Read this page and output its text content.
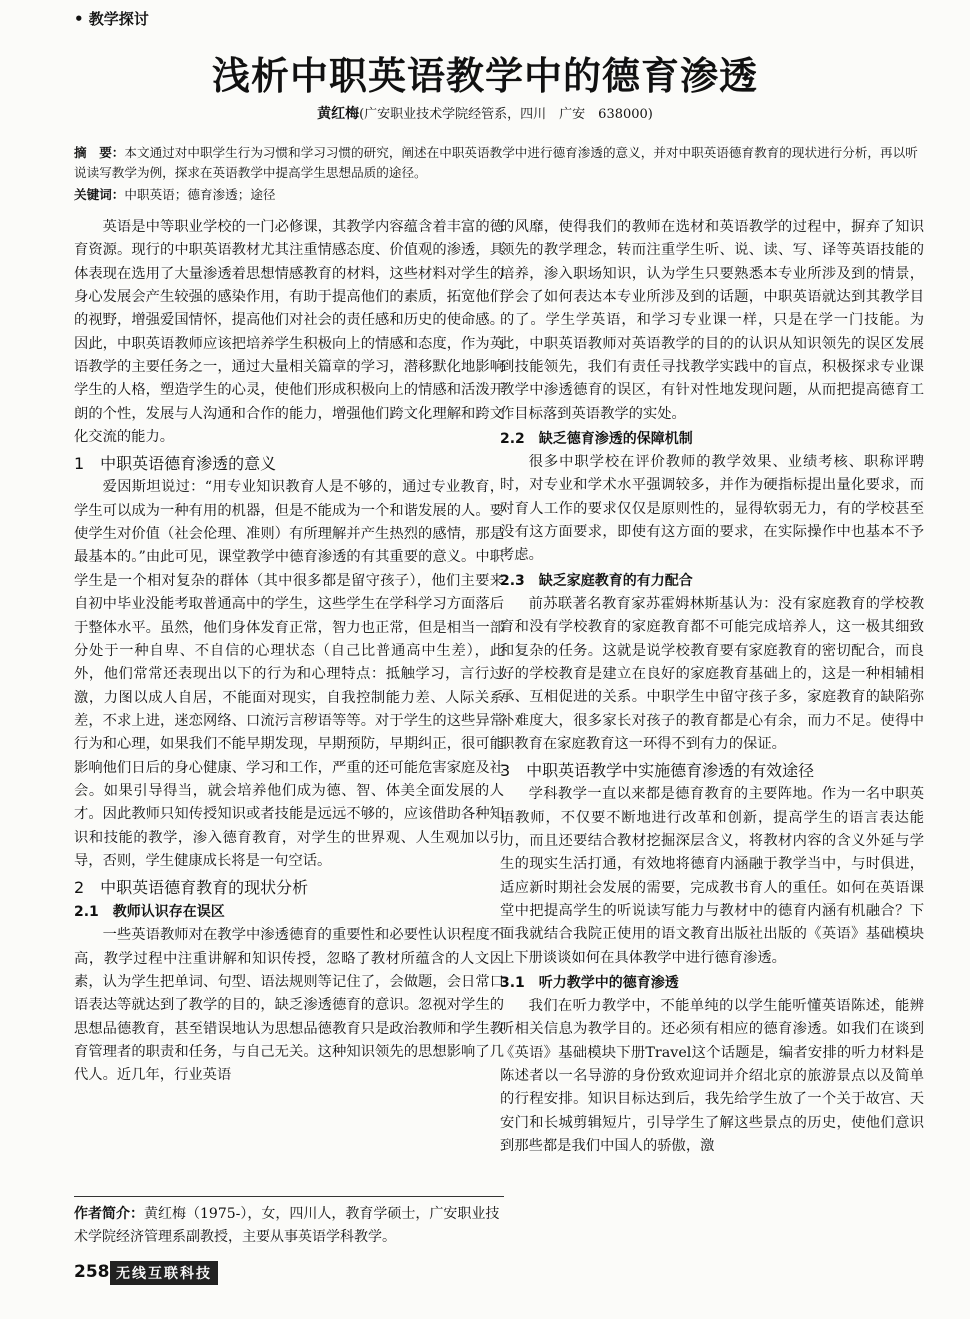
• 教学探讨
浅析中职英语教学中的德育渗透
黄红梅(广安职业技术学院经管系，四川　广安　638000)
摘　要：本文通过对中职学生行为习惯和学习习惯的研究，阐述在中职英语教学中进行德育渗透的意义，并对中职英语德育教育的现状进行分析，再以听说读写教学为例，探求在英语教学中提高学生思想品质的途径。
关键词：中职英语；德育渗透；途径

英语是中等职业学校的一门必修课，其教学内容蕴含着丰富的德育资源。现行的中职英语教材尤其注重情感态度、价值观的渗透，具体表现在选用了大量渗透着思想情感教育的材料，这些材料对学生的身心发展会产生较强的感染作用，有助于提高他们的素质，拓宽他们的视野，增强爱国情怀，提高他们对社会的责任感和历史的使命感。因此，中职英语教师应该把培养学生积极向上的情感和态度，作为英语教学的主要任务之一，通过大量相关篇章的学习，潜移默化地影响学生的人格，塑造学生的心灵，使他们形成积极向上的情感和活泼开朗的个性，发展与人沟通和合作的能力，增强他们跨文化理解和跨文化交流的能力。

1　中职英语德育渗透的意义

爱因斯坦说过：“用专业知识教育人是不够的，通过专业教育，学生可以成为一种有用的机器，但是不能成为一个和谐发展的人。要使学生对价值（社会伦理、准则）有所理解并产生热烈的感情，那是最基本的。”由此可见，课堂教学中德育渗透的有其重要的意义。中职学生是一个相对复杂的群体（其中很多都是留守孩子），他们主要来自初中毕业没能考取普通高中的学生，这些学生在学科学习方面落后于整体水平。虽然，他们身体发育正常，智力也正常，但是相当一部分处于一种自卑、不自信的心理状态（自己比普通高中生差），此外，他们常常还表现出以下的行为和心理特点：抵触学习，言行过激，力图以成人自居，不能面对现实，自我控制能力差、人际关系差，不求上进，迷恋网络、口流污言秽语等等。对于学生的这些异常行为和心理，如果我们不能早期发现，早期预防，早期纠正，很可能影响他们日后的身心健康、学习和工作，严重的还可能危害家庭及社会。如果引导得当，就会培养他们成为德、智、体美全面发展的人才。因此教师只知传授知识或者技能是远远不够的，应该借助各种知识和技能的教学，渗入德育教育，对学生的世界观、人生观加以引导，否则，学生健康成长将是一句空话。

2　中职英语德育教育的现状分析
2.1　教师认识存在误区

一些英语教师对在教学中渗透德育的重要性和必要性认识程度不高，教学过程中注重讲解和知识传授，忽略了教材所蕴含的人文因素，认为学生把单词、句型、语法规则等记住了，会做题，会日常口语表达等就达到了教学的目的，缺乏渗透德育的意识。忽视对学生的思想品德教育，甚至错误地认为思想品德教育只是政治教师和学生教育管理者的职责和任务，与自己无关。这种知识领先的思想影响了几代人。近几年，行业英语

的风靡，使得我们的教师在选材和英语教学的过程中，摒弃了知识领先的教学理念，转而注重学生听、说、读、写、译等英语技能的培养，渗入职场知识，认为学生只要熟悉本专业所涉及到的情景，学会了如何表达本专业所涉及到的话题，中职英语就达到其教学目的了。学生学英语，和学习专业课一样，只是在学一门技能。为此，中职英语教师对英语教学的目的的认识从知识领先的误区发展到技能领先，我们有责任寻找教学实践中的盲点，积极探求专业课教学中渗透德育的误区，有针对性地发现问题，从而把提高德育工作目标落到英语教学的实处。

2.2　缺乏德育渗透的保障机制

很多中职学校在评价教师的教学效果、业绩考核、职称评聘时，对专业和学术水平强调较多，并作为硬指标提出量化要求，而对育人工作的要求仅仅是原则性的，显得软弱无力，有的学校甚至没有这方面要求，即使有这方面的要求，在实际操作中也基本不予考虑。

2.3　缺乏家庭教育的有力配合

前苏联著名教育家苏霍姆林斯基认为：没有家庭教育的学校教育和没有学校教育的家庭教育都不可能完成培养人，这一极其细致和复杂的任务。这就是说学校教育要有家庭教育的密切配合，而良好的学校教育是建立在良好的家庭教育基础上的，这是一种相辅相承、互相促进的关系。中职学生中留守孩子多，家庭教育的缺陷弥补难度大，很多家长对孩子的教育都是心有余，而力不足。使得中职教育在家庭教育这一环得不到有力的保证。

3　中职英语教学中实施德育渗透的有效途径

学科教学一直以来都是德育教育的主要阵地。作为一名中职英语教师，不仅要不断地进行改革和创新，提高学生的语言表达能力，而且还要结合教材挖掘深层含义，将教材内容的含义外延与学生的现实生活打通，有效地将德育内涵融于教学当中，与时俱进，适应新时期社会发展的需要，完成教书育人的重任。如何在英语课堂中把提高学生的听说读写能力与教材中的德育内涵有机融合？下面我就结合我院正使用的语文教育出版社出版的《英语》基础模块上下册谈谈如何在具体教学中进行德育渗透。

3.1　听力教学中的德育渗透

我们在听力教学中，不能单纯的以学生能听懂英语陈述，能辨听相关信息为教学目的。还必须有相应的德育渗透。如我们在谈到《英语》基础模块下册Travel这个话题是，编者安排的听力材料是陈述者以一名导游的身份致欢迎词并介绍北京的旅游景点以及简单的行程安排。知识目标达到后，我先给学生放了一个关于故宫、天安门和长城剪辑短片，引导学生了解这些景点的历史，使他们意识到那些都是我们中国人的骄傲，激

作者简介：黄红梅（1975-），女，四川人，教育学硕士，广安职业技术学院经济管理系副教授，主要从事英语学科教学。
258 无线互联科技
